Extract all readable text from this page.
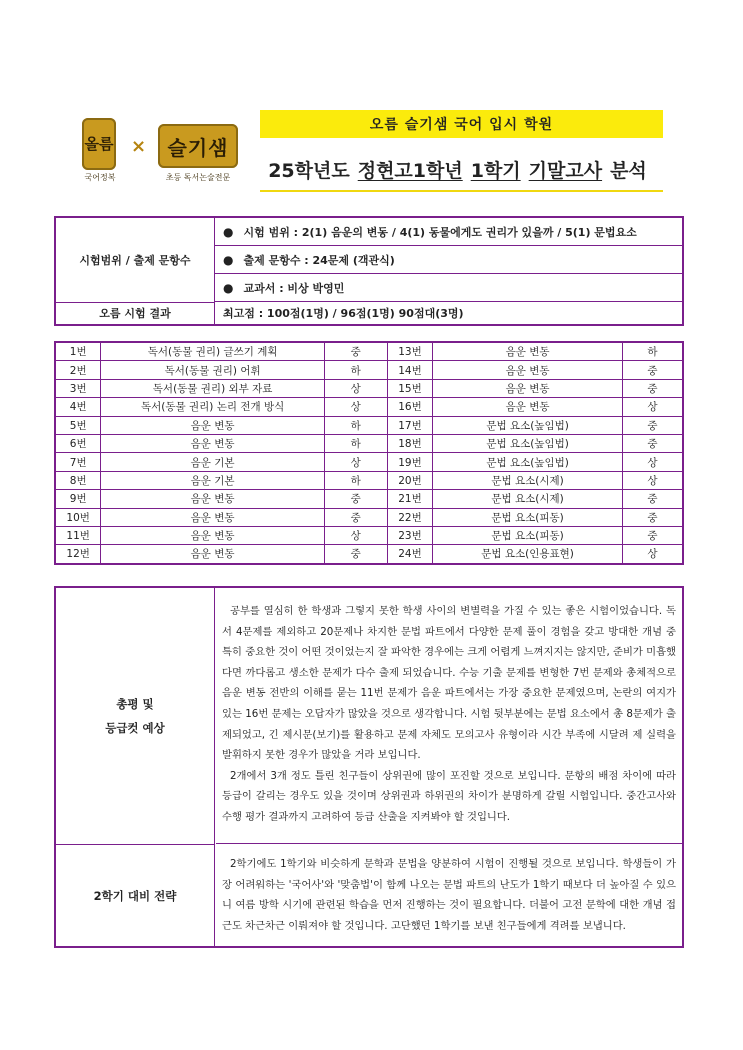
올름
국어정복
×	슬기샘
초등 독서논술전문
오름 슬기샘 국어 입시 학원
25학년도 정현고1학년 1학기 기말고사 분석
시험범위 / 출제 문항수
오름 시험 결과
● 시험 범위 : 2(1) 음운의 변동 / 4(1) 동물에게도 권리가 있을까 / 5(1) 문법요소
● 출제 문항수 : 24문제 (객관식)
● 교과서 : 비상 박영민
최고점 : 100점(1명) / 96점(1명) 90점대(3명)
1번	독서(동물 권리) 글쓰기 계획	중	13번	음운 변동	하
2번	독서(동물 권리) 어휘	하	14번	음운 변동	중
3번	독서(동물 권리) 외부 자료	상	15번	음운 변동	중
4번	독서(동물 권리) 논리 전개 방식	상	16번	음운 변동	상
5번	음운 변동	하	17번	문법 요소(높임법)	중
6번	음운 변동	하	18번	문법 요소(높임법)	중
7번	음운 기본	상	19번	문법 요소(높임법)	상
8번	음운 기본	하	20번	문법 요소(시제)	상
9번	음운 변동	중	21번	문법 요소(시제)	중
10번	음운 변동	중	22번	문법 요소(피동)	중
11번	음운 변동	상	23번	문법 요소(피동)	중
12번	음운 변동	중	24번	문법 요소(인용표현)	상
총평 및
등급컷 예상

공부를 열심히 한 학생과 그렇지 못한 학생 사이의 변별력을 가질 수 있는 좋은 시험이었습니다. 독서 4문제를 제외하고 20문제나 차지한 문법 파트에서 다양한 문제 풀이 경험을 갖고 방대한 개념 중 특히 중요한 것이 어떤 것이었는지 잘 파악한 경우에는 크게 어렵게 느껴지지는 않지만, 준비가 미흡했다면 까다롭고 생소한 문제가 다수 출제 되었습니다. 수능 기출 문제를 변형한 7번 문제와 총체적으로 음운 변동 전반의 이해를 묻는 11번 문제가 음운 파트에서는 가장 중요한 문제였으며, 논란의 여지가 있는 16번 문제는 오답자가 많았을 것으로 생각합니다. 시험 뒷부분에는 문법 요소에서 총 8문제가 출제되었고, 긴 제시문(보기)를 활용하고 문제 자체도 모의고사 유형이라 시간 부족에 시달려 제 실력을 발휘하지 못한 경우가 많았을 거라 보입니다.

2개에서 3개 정도 틀린 친구들이 상위권에 많이 포진할 것으로 보입니다. 문항의 배점 차이에 따라 등급이 갈리는 경우도 있을 것이며 상위권과 하위권의 차이가 분명하게 갈릴 시험입니다. 중간고사와 수행 평가 결과까지 고려하여 등급 산출을 지켜봐야 할 것입니다.

2학기 대비 전략

2학기에도 1학기와 비슷하게 문학과 문법을 양분하여 시험이 진행될 것으로 보입니다. 학생들이 가장 어려워하는 '국어사'와 '맞춤법'이 함께 나오는 문법 파트의 난도가 1학기 때보다 더 높아질 수 있으니 여름 방학 시기에 관련된 학습을 먼저 진행하는 것이 필요합니다. 더불어 고전 문학에 대한 개념 접근도 차근차근 이뤄져야 할 것입니다. 고단했던 1학기를 보낸 친구들에게 격려를 보냅니다.
